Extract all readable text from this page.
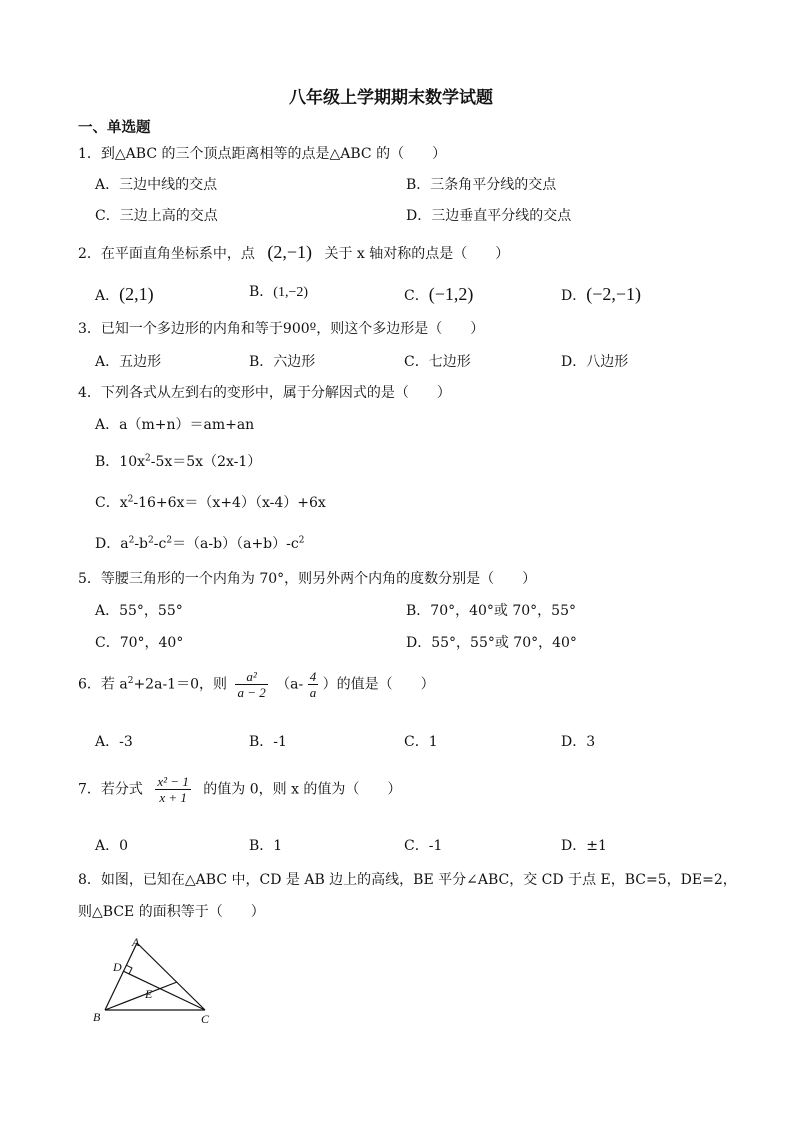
八年级上学期期末数学试题
一、单选题
1．到△ABC 的三个顶点距离相等的点是△ABC 的（　　）
A．三边中线的交点	B．三条角平分线的交点
C．三边上高的交点	D．三边垂直平分线的交点
2．在平面直角坐标系中，点 (2,−1) 关于 x 轴对称的点是（　　）
A．(2,1)	B．(1,−2)	C．(−1,2)	D．(−2,−1)
3．已知一个多边形的内角和等于900º，则这个多边形是（　　）
A．五边形	B．六边形	C．七边形	D．八边形
4．下列各式从左到右的变形中，属于分解因式的是（　　）
A．a（m+n）＝am+an
B．$10x^2-5x=5x(2x-1)$
C．$x^2-16+6x=(x+4)(x-4)+6x$
D．$a^2-b^2-c^2=(a-b)(a+b)-c^2$
5．等腰三角形的一个内角为 70°，则另外两个内角的度数分别是（　　）
A．55°，55°	B．70°，40°或 70°，55°
C．70°，40°	D．55°，55°或 70°，40°
6．若 $a^2+2a-1=0$，则 $\frac{\text{a²}}{a - 2} (a- \frac{4}{a}$ ）的值是（　　）
A．-3	B．-1	C．1	D．3
7．若分式 $\frac{\text{x² − 1}}{x + 1}$ 的值为 0，则 x 的值为（　　）
A．0	B．1	C．-1	D．±1
8．如图，已知在△ABC 中，CD 是 AB 边上的高线，BE 平分∠ABC，交 CD 于点 E，BC=5，DE=2，
则△BCE 的面积等于（　　）
A
B	C
D
E
